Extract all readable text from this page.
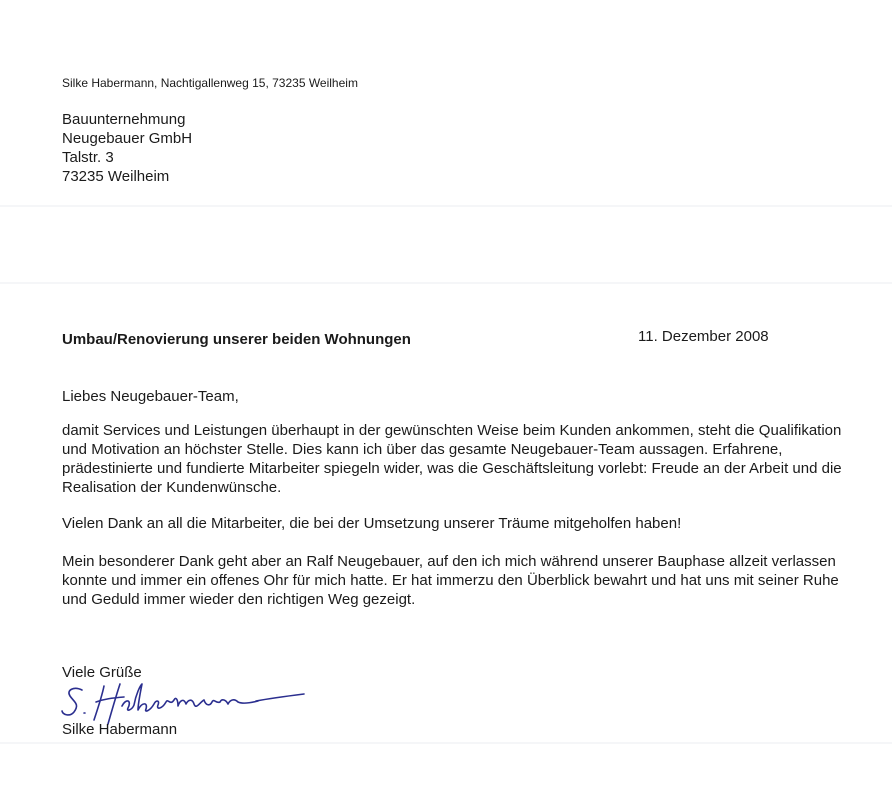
Silke Habermann, Nachtigallenweg 15, 73235 Weilheim
Bauunternehmung
Neugebauer GmbH
Talstr. 3
73235 Weilheim
Umbau/Renovierung unserer beiden Wohnungen	11. Dezember 2008
Liebes Neugebauer-Team,

damit Services und Leistungen überhaupt in der gewünschten Weise beim Kunden ankommen, steht die Qualifikation und Motivation an höchster Stelle. Dies kann ich über das gesamte Neugebauer-Team aussagen. Erfahrene, prädestinierte und fundierte Mitarbeiter spiegeln wider, was die Geschäftsleitung vorlebt: Freude an der Arbeit und die Realisation der Kundenwünsche.

Vielen Dank an all die Mitarbeiter, die bei der Umsetzung unserer Träume mitgeholfen haben!

Mein besonderer Dank geht aber an Ralf Neugebauer, auf den ich mich während unserer Bauphase allzeit verlassen konnte und immer ein offenes Ohr für mich hatte. Er hat immerzu den Überblick bewahrt und hat uns mit seiner Ruhe und Geduld immer wieder den richtigen Weg gezeigt.

Viele Grüße
Silke Habermann
